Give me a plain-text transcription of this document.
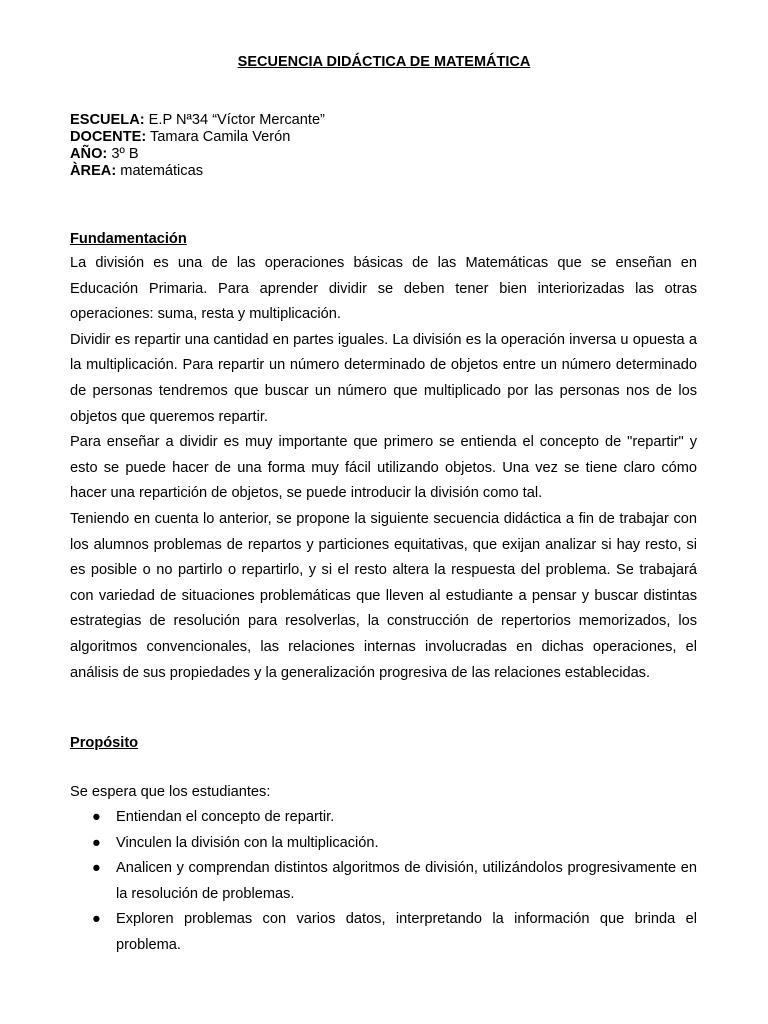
SECUENCIA DIDÁCTICA DE MATEMÁTICA
ESCUELA: E.P Nª34 “Víctor Mercante”
DOCENTE: Tamara Camila Verón
AÑO: 3º B
ÀREA: matemáticas
Fundamentación

La división es una de las operaciones básicas de las Matemáticas que se enseñan en Educación Primaria. Para aprender dividir se deben tener bien interiorizadas las otras operaciones: suma, resta y multiplicación.

Dividir es repartir una cantidad en partes iguales. La división es la operación inversa u opuesta a la multiplicación. Para repartir un número determinado de objetos entre un número determinado de personas tendremos que buscar un número que multiplicado por las personas nos de los objetos que queremos repartir.

Para enseñar a dividir es muy importante que primero se entienda el concepto de "repartir" y esto se puede hacer de una forma muy fácil utilizando objetos. Una vez se tiene claro cómo hacer una repartición de objetos, se puede introducir la división como tal.

Teniendo en cuenta lo anterior, se propone la siguiente secuencia didáctica a fin de trabajar con los alumnos problemas de repartos y particiones equitativas, que exijan analizar si hay resto, si es posible o no partirlo o repartirlo, y si el resto altera la respuesta del problema. Se trabajará con variedad de situaciones problemáticas que lleven al estudiante a pensar y buscar distintas estrategias de resolución para resolverlas, la construcción de repertorios memorizados, los algoritmos convencionales, las relaciones internas involucradas en dichas operaciones, el análisis de sus propiedades y la generalización progresiva de las relaciones establecidas.

Propósito
Se espera que los estudiantes:
● Entiendan el concepto de repartir.
● Vinculen la división con la multiplicación.
● Analicen y comprendan distintos algoritmos de división, utilizándolos progresivamente en la resolución de problemas.
● Exploren problemas con varios datos, interpretando la información que brinda el problema.
